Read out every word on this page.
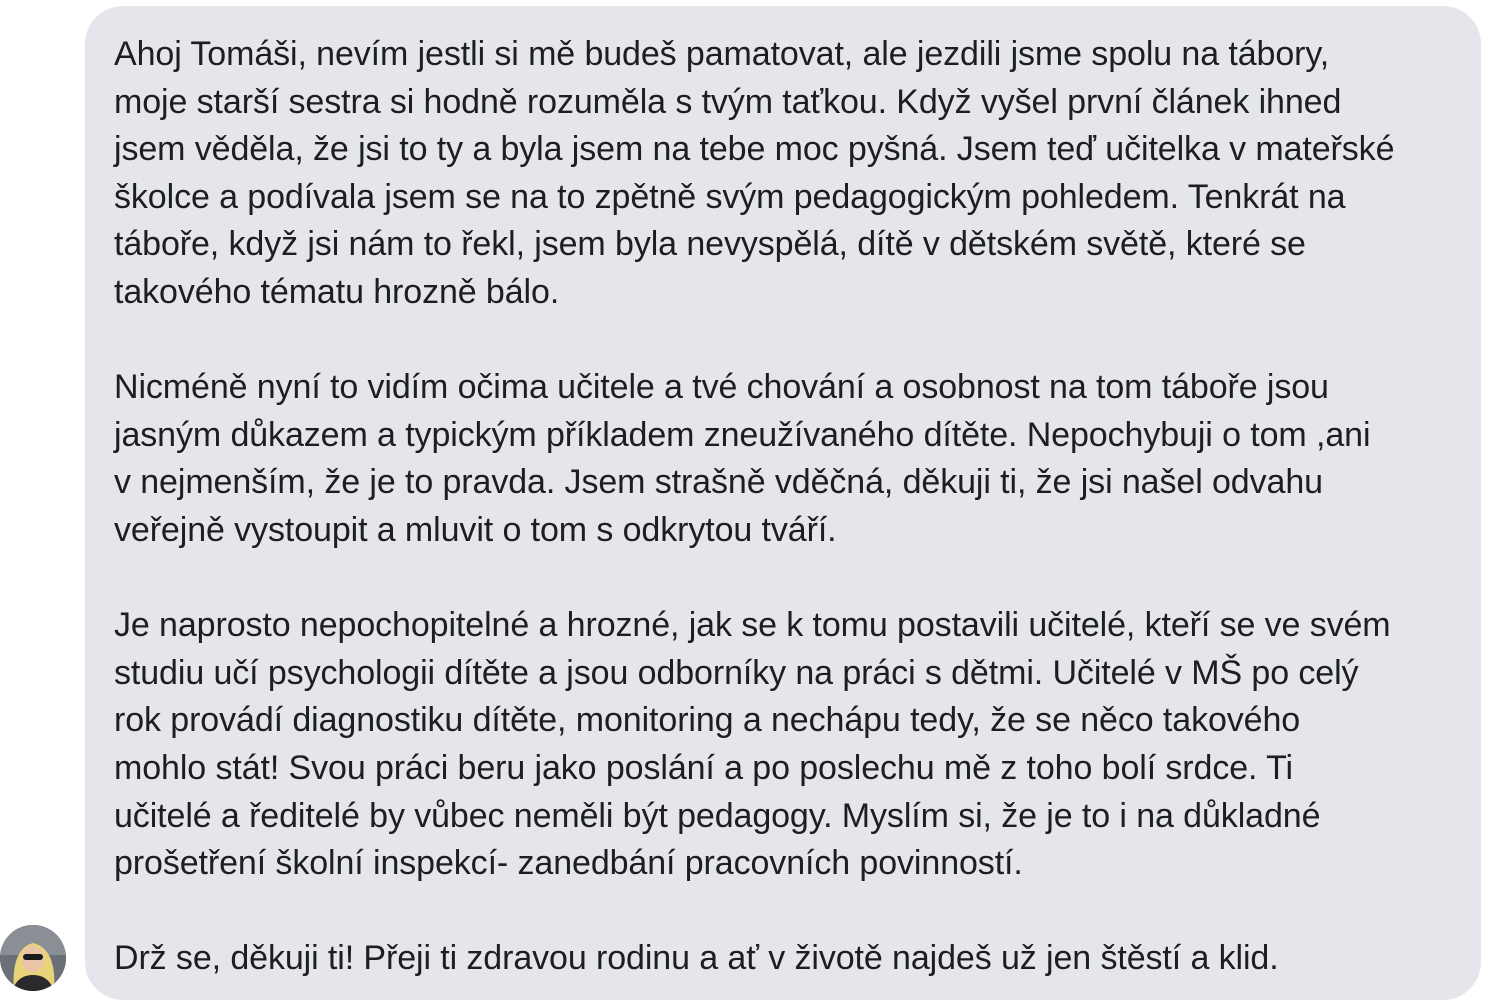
Ahoj Tomáši, nevím jestli si mě budeš pamatovat, ale jezdili jsme spolu na tábory,
moje starší sestra si hodně rozuměla s tvým taťkou. Když vyšel první článek ihned
jsem věděla, že jsi to ty a byla jsem na tebe moc pyšná. Jsem teď učitelka v mateřské
školce a podívala jsem se na to zpětně svým pedagogickým pohledem. Tenkrát na
táboře, když jsi nám to řekl, jsem byla nevyspělá, dítě v dětském světě, které se
takového tématu hrozně bálo.

Nicméně nyní to vidím očima učitele a tvé chování a osobnost na tom táboře jsou
jasným důkazem a typickým příkladem zneužívaného dítěte. Nepochybuji o tom ,ani
v nejmenším, že je to pravda. Jsem strašně vděčná, děkuji ti, že jsi našel odvahu
veřejně vystoupit a mluvit o tom s odkrytou tváří.

Je naprosto nepochopitelné a hrozné, jak se k tomu postavili učitelé, kteří se ve svém
studiu učí psychologii dítěte a jsou odborníky na práci s dětmi. Učitelé v MŠ po celý
rok provádí diagnostiku dítěte, monitoring a nechápu tedy, že se něco takového
mohlo stát! Svou práci beru jako poslání a po poslechu mě z toho bolí srdce. Ti
učitelé a ředitelé by vůbec neměli být pedagogy. Myslím si, že je to i na důkladné
prošetření školní inspekcí- zanedbání pracovních povinností.

Drž se, děkuji ti! Přeji ti zdravou rodinu a ať v životě najdeš už jen štěstí a klid.
